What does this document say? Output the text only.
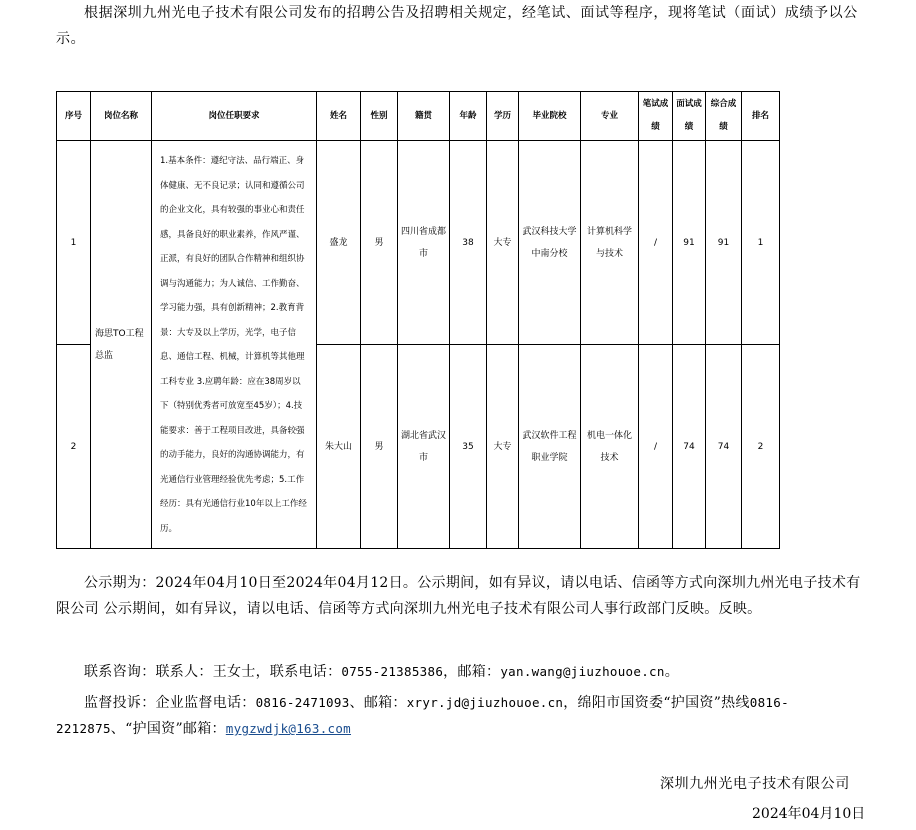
根据深圳九州光电子技术有限公司发布的招聘公告及招聘相关规定，经笔试、面试等程序，现将笔试（面试）成绩予以公示。
序号	岗位名称	岗位任职要求	姓名	性别	籍贯	年龄	学历	毕业院校	专业	笔试成绩	面试成绩	综合成绩	排名
1	海思TO工程总监	1.基本条件：遵纪守法、品行端正、身体健康、无不良记录；认同和遵循公司的企业文化，具有较强的事业心和责任感，具备良好的职业素养，作风严谨、正派，有良好的团队合作精神和组织协调与沟通能力；为人诚信、工作勤奋、学习能力强，具有创新精神；2.教育背景：大专及以上学历，光学，电子信息、通信工程、机械，计算机等其他理工科专业 3.应聘年龄：应在38周岁以下（特别优秀者可放宽至45岁）；4.技能要求：善于工程项目改进，具备较强的动手能力，良好的沟通协调能力，有光通信行业管理经验优先考虑；5.工作经历：具有光通信行业10年以上工作经历。	盛龙	男	四川省成都市	38	大专	武汉科技大学中南分校	计算机科学与技术	/	91	91	1
2			朱大山	男	湖北省武汉市	35	大专	武汉软件工程职业学院	机电一体化技术	/	74	74	2
公示期为：2024年04月10日至2024年04月12日。公示期间，如有异议，请以电话、信函等方式向深圳九州光电子技术有限公司 公示期间，如有异议，请以电话、信函等方式向深圳九州光电子技术有限公司人事行政部门反映。反映。
联系咨询：联系人：王女士，联系电话：0755-21385386，邮箱：yan.wang@jiuzhouoe.cn。
监督投诉：企业监督电话：0816-2471093、邮箱：xryr.jd@jiuzhouoe.cn，绵阳市国资委“护国资”热线0816-2212875、“护国资”邮箱：mygzwdjk@163.com
深圳九州光电子技术有限公司
2024年04月10日
